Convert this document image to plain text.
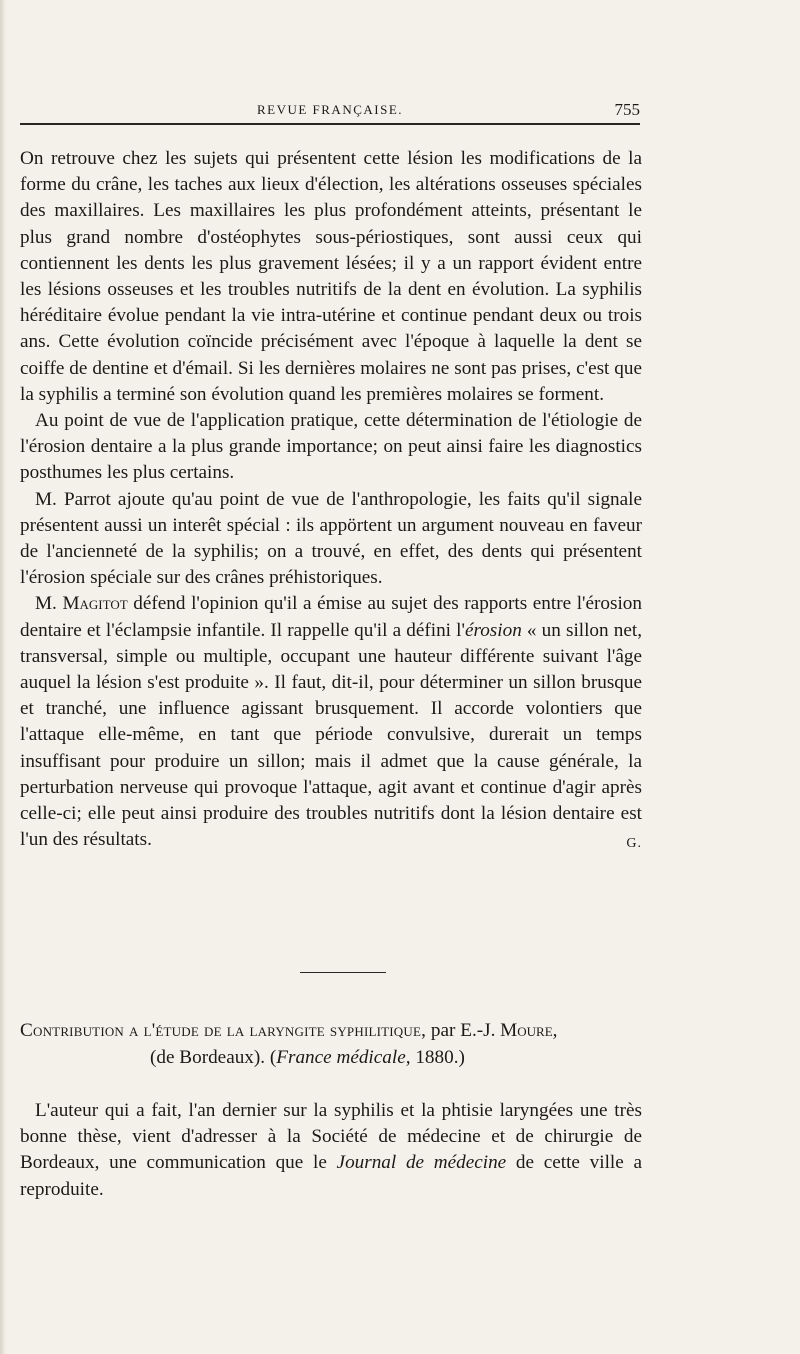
REVUE FRANÇAISE.	755

On retrouve chez les sujets qui présentent cette lésion les modifications de la forme du crâne, les taches aux lieux d'élection, les altérations osseuses spéciales des maxillaires. Les maxillaires les plus profondément atteints, présentant le plus grand nombre d'ostéophytes sous-périostiques, sont aussi ceux qui contiennent les dents les plus gravement lésées; il y a un rapport évident entre les lésions osseuses et les troubles nutritifs de la dent en évolution. La syphilis héréditaire évolue pendant la vie intra-utérine et continue pendant deux ou trois ans. Cette évolution coïncide précisément avec l'époque à laquelle la dent se coiffe de dentine et d'émail. Si les dernières molaires ne sont pas prises, c'est que la syphilis a terminé son évolution quand les premières molaires se forment.

Au point de vue de l'application pratique, cette détermination de l'étiologie de l'érosion dentaire a la plus grande importance; on peut ainsi faire les diagnostics posthumes les plus certains.

M. Parrot ajoute qu'au point de vue de l'anthropologie, les faits qu'il signale présentent aussi un interêt spécial : ils appörtent un argument nouveau en faveur de l'ancienneté de la syphilis; on a trouvé, en effet, des dents qui présentent l'érosion spéciale sur des crânes préhistoriques.

M. Magitot défend l'opinion qu'il a émise au sujet des rapports entre l'érosion dentaire et l'éclampsie infantile. Il rappelle qu'il a défini l'érosion « un sillon net, transversal, simple ou multiple, occupant une hauteur différente suivant l'âge auquel la lésion s'est produite ». Il faut, dit-il, pour déterminer un sillon brusque et tranché, une influence agissant brusquement. Il accorde volontiers que l'attaque elle-même, en tant que période convulsive, durerait un temps insuffisant pour produire un sillon; mais il admet que la cause générale, la perturbation nerveuse qui provoque l'attaque, agit avant et continue d'agir après celle-ci; elle peut ainsi produire des troubles nutritifs dont la lésion dentaire est l'un des résultats.	G.

Contribution a l'étude de la laryngite syphilitique, par E.-J. Moure,
(de Bordeaux). (France médicale, 1880.)

L'auteur qui a fait, l'an dernier sur la syphilis et la phtisie laryngées une très bonne thèse, vient d'adresser à la Société de médecine et de chirurgie de Bordeaux, une communication que le Journal de médecine de cette ville a reproduite.
